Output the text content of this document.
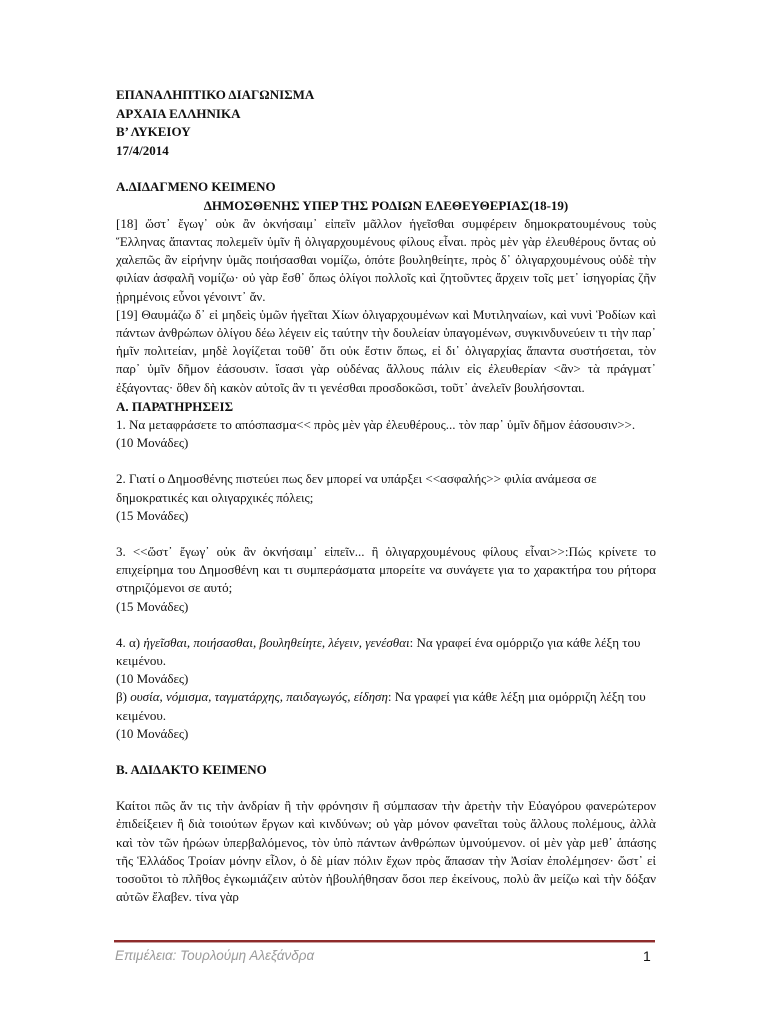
ΕΠΑΝΑΛΗΠΤΙΚΟ ΔΙΑΓΩΝΙΣΜΑ

ΑΡΧΑΙΑ ΕΛΛΗΝΙΚΑ

Β’ ΛΥΚΕΙΟΥ

17/4/2014

Α.ΔΙΔΑΓΜΕΝΟ ΚΕΙΜΕΝΟ

ΔΗΜΟΣΘΕΝΗΣ ΥΠΕΡ ΤΗΣ ΡΟΔΙΩΝ ΕΛΕΘΕΥΘΕΡΙΑΣ(18-19)

[18] ὥστ᾽ ἔγωγ᾽ οὐκ ἂν ὀκνήσαιμ᾽ εἰπεῖν μᾶλλον ἡγεῖσθαι συμφέρειν δημοκρατουμένους τοὺς Ἕλληνας ἅπαντας πολεμεῖν ὑμῖν ἢ ὀλιγαρχουμένους φίλους εἶναι. πρὸς μὲν γὰρ ἐλευθέρους ὄντας οὐ χαλεπῶς ἂν εἰρήνην ὑμᾶς ποιήσασθαι νομίζω, ὁπότε βουληθείητε, πρὸς δ᾽ ὀλιγαρχουμένους οὐδὲ τὴν φιλίαν ἀσφαλῆ νομίζω· οὐ γὰρ ἔσθ᾽ ὅπως ὀλίγοι πολλοῖς καὶ ζητοῦντες ἄρχειν τοῖς μετ᾽ ἰσηγορίας ζῆν ᾑρημένοις εὖνοι γένοιντ᾽ ἄν.

[19] Θαυμάζω δ᾽ εἰ μηδεὶς ὑμῶν ἡγεῖται Χίων ὀλιγαρχουμένων καὶ Μυτιληναίων, καὶ νυνὶ Ῥοδίων καὶ πάντων ἀνθρώπων ὀλίγου δέω λέγειν εἰς ταύτην τὴν δουλείαν ὑπαγομένων, συγκινδυνεύειν τι τὴν παρ᾽ ἡμῖν πολιτείαν, μηδὲ λογίζεται τοῦθ᾽ ὅτι οὐκ ἔστιν ὅπως, εἰ δι᾽ ὀλιγαρχίας ἅπαντα συστήσεται, τὸν παρ᾽ ὑμῖν δῆμον ἐάσουσιν. ἴσασι γὰρ οὐδένας ἄλλους πάλιν εἰς ἐλευθερίαν <ἂν> τὰ πράγματ᾽ ἐξάγοντας· ὅθεν δὴ κακὸν αὑτοῖς ἂν τι γενέσθαι προσδοκῶσι, τοῦτ᾽ ἀνελεῖν βουλήσονται.

Α. ΠΑΡΑΤΗΡΗΣΕΙΣ

1. Να μεταφράσετε το απόσπασμα<< πρὸς μὲν γὰρ ἐλευθέρους... τὸν παρ᾽ ὑμῖν δῆμον ἐάσουσιν>>.

(10 Μονάδες)

2. Γιατί ο Δημοσθένης πιστεύει πως δεν μπορεί να υπάρξει <<ασφαλής>> φιλία ανάμεσα σε δημοκρατικές και ολιγαρχικές πόλεις;

(15 Μονάδες)

3. <<ὥστ᾽ ἔγωγ᾽ οὐκ ἂν ὀκνήσαιμ᾽ εἰπεῖν... ἢ ὀλιγαρχουμένους φίλους εἶναι>>:Πώς κρίνετε το επιχείρημα του Δημοσθένη και τι συμπεράσματα μπορείτε να συνάγετε για το χαρακτήρα του ρήτορα στηριζόμενοι σε αυτό;

(15 Μονάδες)

4. α) ἡγεῖσθαι, ποιήσασθαι, βουληθείητε, λέγειν, γενέσθαι: Να γραφεί ένα ομόρριζο για κάθε λέξη του κειμένου.

(10 Μονάδες)

β) ουσία, νόμισμα, ταγματάρχης, παιδαγωγός, είδηση: Να γραφεί για κάθε λέξη μια ομόρριζη λέξη του κειμένου.

(10 Μονάδες)

Β. ΑΔΙΔΑΚΤΟ ΚΕΙΜΕΝΟ

Καίτοι πῶς ἄν τις τὴν ἀνδρίαν ἢ τὴν φρόνησιν ἢ σύμπασαν τὴν ἀρετὴν τὴν Εὐαγόρου φανερώτερον ἐπιδείξειεν ἢ διὰ τοιούτων ἔργων καὶ κινδύνων; οὐ γὰρ μόνον φανεῖται τοὺς ἄλλους πολέμους, ἀλλὰ καὶ τὸν τῶν ἡρώων ὑπερβαλόμενος, τὸν ὑπὸ πάντων ἀνθρώπων ὑμνούμενον. οἱ μὲν γὰρ μεθ᾽ ἁπάσης τῆς Ἑλλάδος Τροίαν μόνην εἷλον, ὁ δὲ μίαν πόλιν ἔχων πρὸς ἅπασαν τὴν Ἀσίαν ἐπολέμησεν· ὥστ᾽ εἰ τοσοῦτοι τὸ πλῆθος ἐγκωμιάζειν αὐτὸν ἠβουλήθησαν ὅσοι περ ἐκείνους, πολὺ ἂν μείζω καὶ τὴν δόξαν αὐτῶν ἔλαβεν. τίνα γὰρ

Επιμέλεια: Τουρλούμη Αλεξάνδρα	1
